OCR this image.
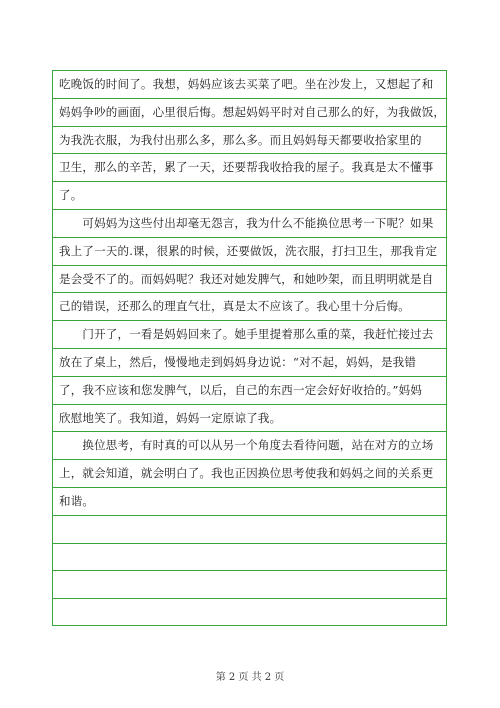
吃晚饭的时间了。我想，妈妈应该去买菜了吧。坐在沙发上，又想起了和
妈妈争吵的画面，心里很后悔。想起妈妈平时对自己那么的好，为我做饭，
为我洗衣服，为我付出那么多，那么多。而且妈妈每天都要收拾家里的
卫生，那么的辛苦，累了一天，还要帮我收拾我的屋子。我真是太不懂事
了。
　　可妈妈为这些付出却毫无怨言，我为什么不能换位思考一下呢？如果
我上了一天的.课，很累的时候，还要做饭，洗衣服，打扫卫生，那我肯定
是会受不了的。而妈妈呢？我还对她发脾气，和她吵架，而且明明就是自
己的错误，还那么的理直气壮，真是太不应该了。我心里十分后悔。
　　门开了，一看是妈妈回来了。她手里提着那么重的菜，我赶忙接过去
放在了桌上，然后，慢慢地走到妈妈身边说：“对不起，妈妈，是我错
了，我不应该和您发脾气，以后，自己的东西一定会好好收拾的。”妈妈
欣慰地笑了。我知道，妈妈一定原谅了我。
　　换位思考，有时真的可以从另一个角度去看待问题，站在对方的立场
上，就会知道，就会明白了。我也正因换位思考使我和妈妈之间的关系更
和谐。
第 2 页 共 2 页
